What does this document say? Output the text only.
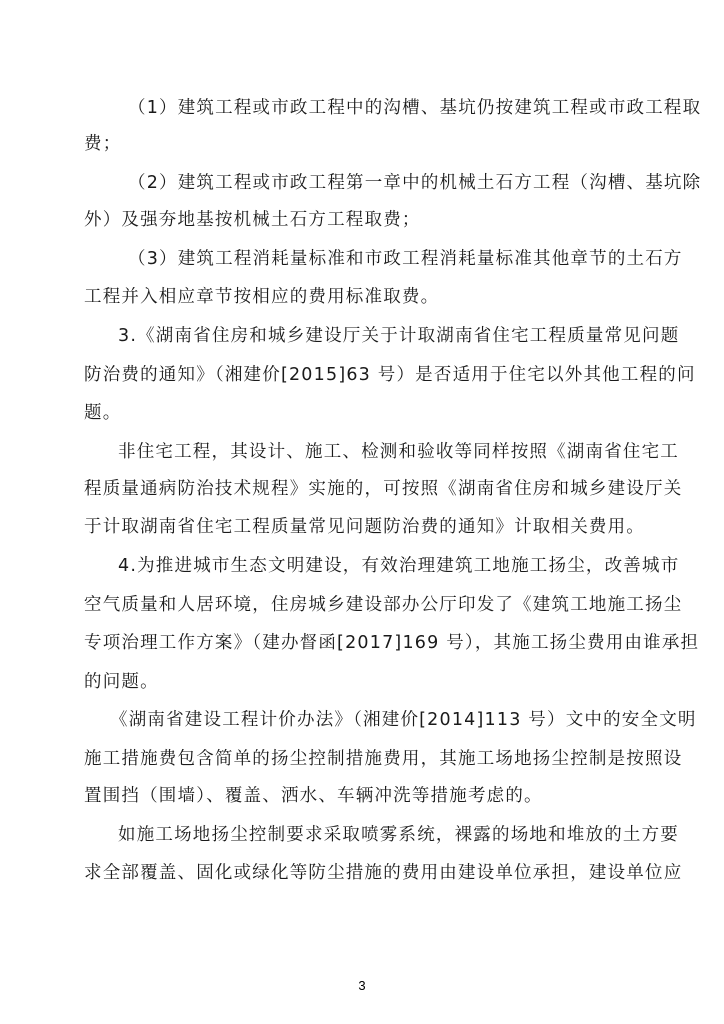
（1）建筑工程或市政工程中的沟槽、基坑仍按建筑工程或市政工程取
费；
（2）建筑工程或市政工程第一章中的机械土石方工程（沟槽、基坑除
外）及强夯地基按机械土石方工程取费；
（3）建筑工程消耗量标准和市政工程消耗量标准其他章节的土石方
工程并入相应章节按相应的费用标准取费。
3.《湖南省住房和城乡建设厅关于计取湖南省住宅工程质量常见问题
防治费的通知》（湘建价[2015]63 号）是否适用于住宅以外其他工程的问
题。
非住宅工程，其设计、施工、检测和验收等同样按照《湖南省住宅工
程质量通病防治技术规程》实施的，可按照《湖南省住房和城乡建设厅关
于计取湖南省住宅工程质量常见问题防治费的通知》计取相关费用。
4.为推进城市生态文明建设，有效治理建筑工地施工扬尘，改善城市
空气质量和人居环境，住房城乡建设部办公厅印发了《建筑工地施工扬尘
专项治理工作方案》（建办督函[2017]169 号），其施工扬尘费用由谁承担
的问题。
《湖南省建设工程计价办法》（湘建价[2014]113 号）文中的安全文明
施工措施费包含简单的扬尘控制措施费用，其施工场地扬尘控制是按照设
置围挡（围墙）、覆盖、洒水、车辆冲洗等措施考虑的。
如施工场地扬尘控制要求采取喷雾系统，裸露的场地和堆放的土方要
求全部覆盖、固化或绿化等防尘措施的费用由建设单位承担，建设单位应
3
